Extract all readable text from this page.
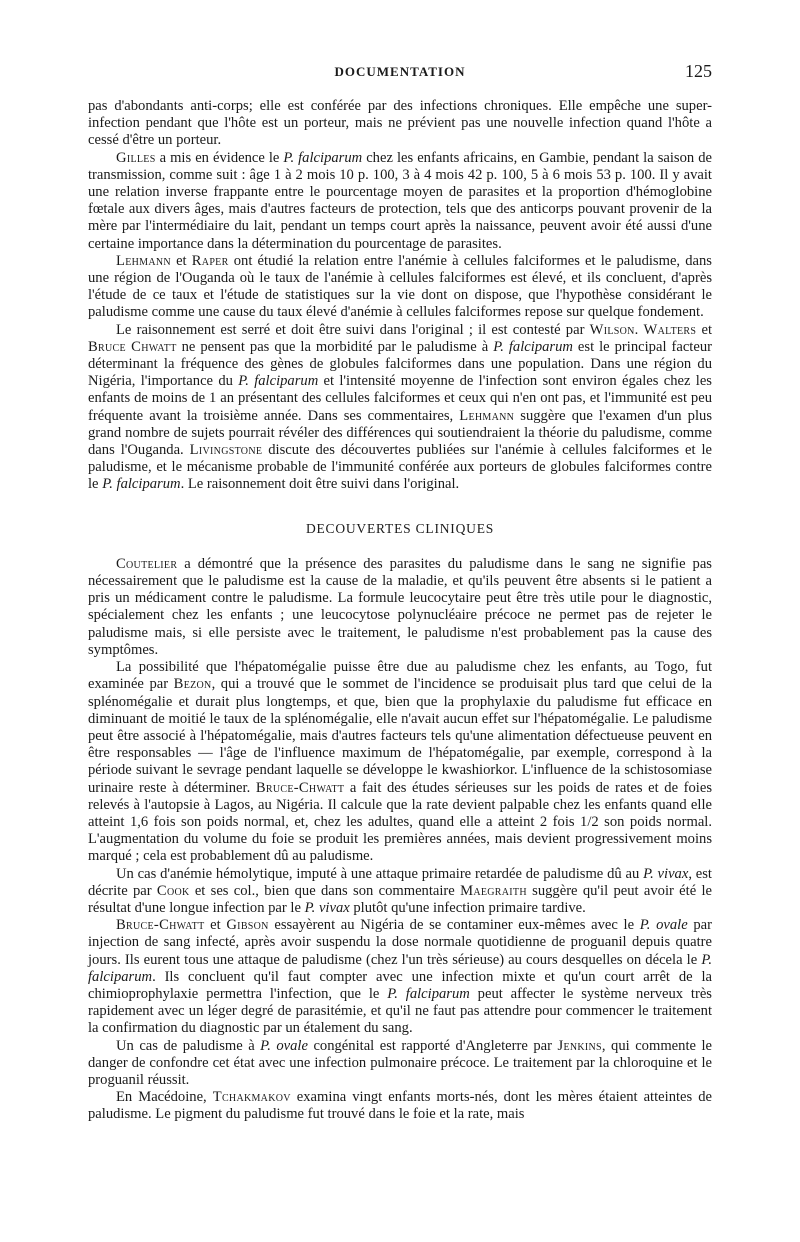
DOCUMENTATION	125

pas d'abondants anti-corps; elle est conférée par des infections chroniques. Elle empêche une super-infection pendant que l'hôte est un porteur, mais ne prévient pas une nouvelle infection quand l'hôte a cessé d'être un porteur.

Gilles a mis en évidence le P. falciparum chez les enfants africains, en Gambie, pendant la saison de transmission, comme suit : âge 1 à 2 mois 10 p. 100, 3 à 4 mois 42 p. 100, 5 à 6 mois 53 p. 100. Il y avait une relation inverse frappante entre le pourcentage moyen de parasites et la proportion d'hémoglobine fœtale aux divers âges, mais d'autres facteurs de protection, tels que des anticorps pouvant provenir de la mère par l'intermédiaire du lait, pendant un temps court après la naissance, peuvent avoir été aussi d'une certaine importance dans la détermination du pourcentage de parasites.

Lehmann et Raper ont étudié la relation entre l'anémie à cellules falciformes et le paludisme, dans une région de l'Ouganda où le taux de l'anémie à cellules falciformes est élevé, et ils concluent, d'après l'étude de ce taux et l'étude de statistiques sur la vie dont on dispose, que l'hypothèse considérant le paludisme comme une cause du taux élevé d'anémie à cellules falciformes repose sur quelque fondement.

Le raisonnement est serré et doit être suivi dans l'original ; il est contesté par Wilson. Walters et Bruce Chwatt ne pensent pas que la morbidité par le paludisme à P. falciparum est le principal facteur déterminant la fréquence des gènes de globules falciformes dans une population. Dans une région du Nigéria, l'importance du P. falciparum et l'intensité moyenne de l'infection sont environ égales chez les enfants de moins de 1 an présentant des cellules falciformes et ceux qui n'en ont pas, et l'immunité est peu fréquente avant la troisième année. Dans ses commentaires, Lehmann suggère que l'examen d'un plus grand nombre de sujets pourrait révéler des différences qui soutiendraient la théorie du paludisme, comme dans l'Ouganda. Livingstone discute des découvertes publiées sur l'anémie à cellules falciformes et le paludisme, et le mécanisme probable de l'immunité conférée aux porteurs de globules falciformes contre le P. falciparum. Le raisonnement doit être suivi dans l'original.

DECOUVERTES CLINIQUES

Coutelier a démontré que la présence des parasites du paludisme dans le sang ne signifie pas nécessairement que le paludisme est la cause de la maladie, et qu'ils peuvent être absents si le patient a pris un médicament contre le paludisme. La formule leucocytaire peut être très utile pour le diagnostic, spécialement chez les enfants ; une leucocytose polynucléaire précoce ne permet pas de rejeter le paludisme mais, si elle persiste avec le traitement, le paludisme n'est probablement pas la cause des symptômes.

La possibilité que l'hépatomégalie puisse être due au paludisme chez les enfants, au Togo, fut examinée par Bezon, qui a trouvé que le sommet de l'incidence se produisait plus tard que celui de la splénomégalie et durait plus longtemps, et que, bien que la prophylaxie du paludisme fut efficace en diminuant de moitié le taux de la splénomégalie, elle n'avait aucun effet sur l'hépatomégalie. Le paludisme peut être associé à l'hépatomégalie, mais d'autres facteurs tels qu'une alimentation défectueuse peuvent en être responsables — l'âge de l'influence maximum de l'hépatomégalie, par exemple, correspond à la période suivant le sevrage pendant laquelle se développe le kwashiorkor. L'influence de la schistosomiase urinaire reste à déterminer. Bruce-Chwatt a fait des études sérieuses sur les poids de rates et de foies relevés à l'autopsie à Lagos, au Nigéria. Il calcule que la rate devient palpable chez les enfants quand elle atteint 1,6 fois son poids normal, et, chez les adultes, quand elle a atteint 2 fois 1/2 son poids normal. L'augmentation du volume du foie se produit les premières années, mais devient progressivement moins marqué ; cela est probablement dû au paludisme.

Un cas d'anémie hémolytique, imputé à une attaque primaire retardée de paludisme dû au P. vivax, est décrite par Cook et ses col., bien que dans son commentaire Maegraith suggère qu'il peut avoir été le résultat d'une longue infection par le P. vivax plutôt qu'une infection primaire tardive.

Bruce-Chwatt et Gibson essayèrent au Nigéria de se contaminer eux-mêmes avec le P. ovale par injection de sang infecté, après avoir suspendu la dose normale quotidienne de proguanil depuis quatre jours. Ils eurent tous une attaque de paludisme (chez l'un très sérieuse) au cours desquelles on décela le P. falciparum. Ils concluent qu'il faut compter avec une infection mixte et qu'un court arrêt de la chimioprophylaxie permettra l'infection, que le P. falciparum peut affecter le système nerveux très rapidement avec un léger degré de parasitémie, et qu'il ne faut pas attendre pour commencer le traitement la confirmation du diagnostic par un étalement du sang.

Un cas de paludisme à P. ovale congénital est rapporté d'Angleterre par Jenkins, qui commente le danger de confondre cet état avec une infection pulmonaire précoce. Le traitement par la chloroquine et le proguanil réussit.

En Macédoine, Tchakmakov examina vingt enfants morts-nés, dont les mères étaient atteintes de paludisme. Le pigment du paludisme fut trouvé dans le foie et la rate, mais
